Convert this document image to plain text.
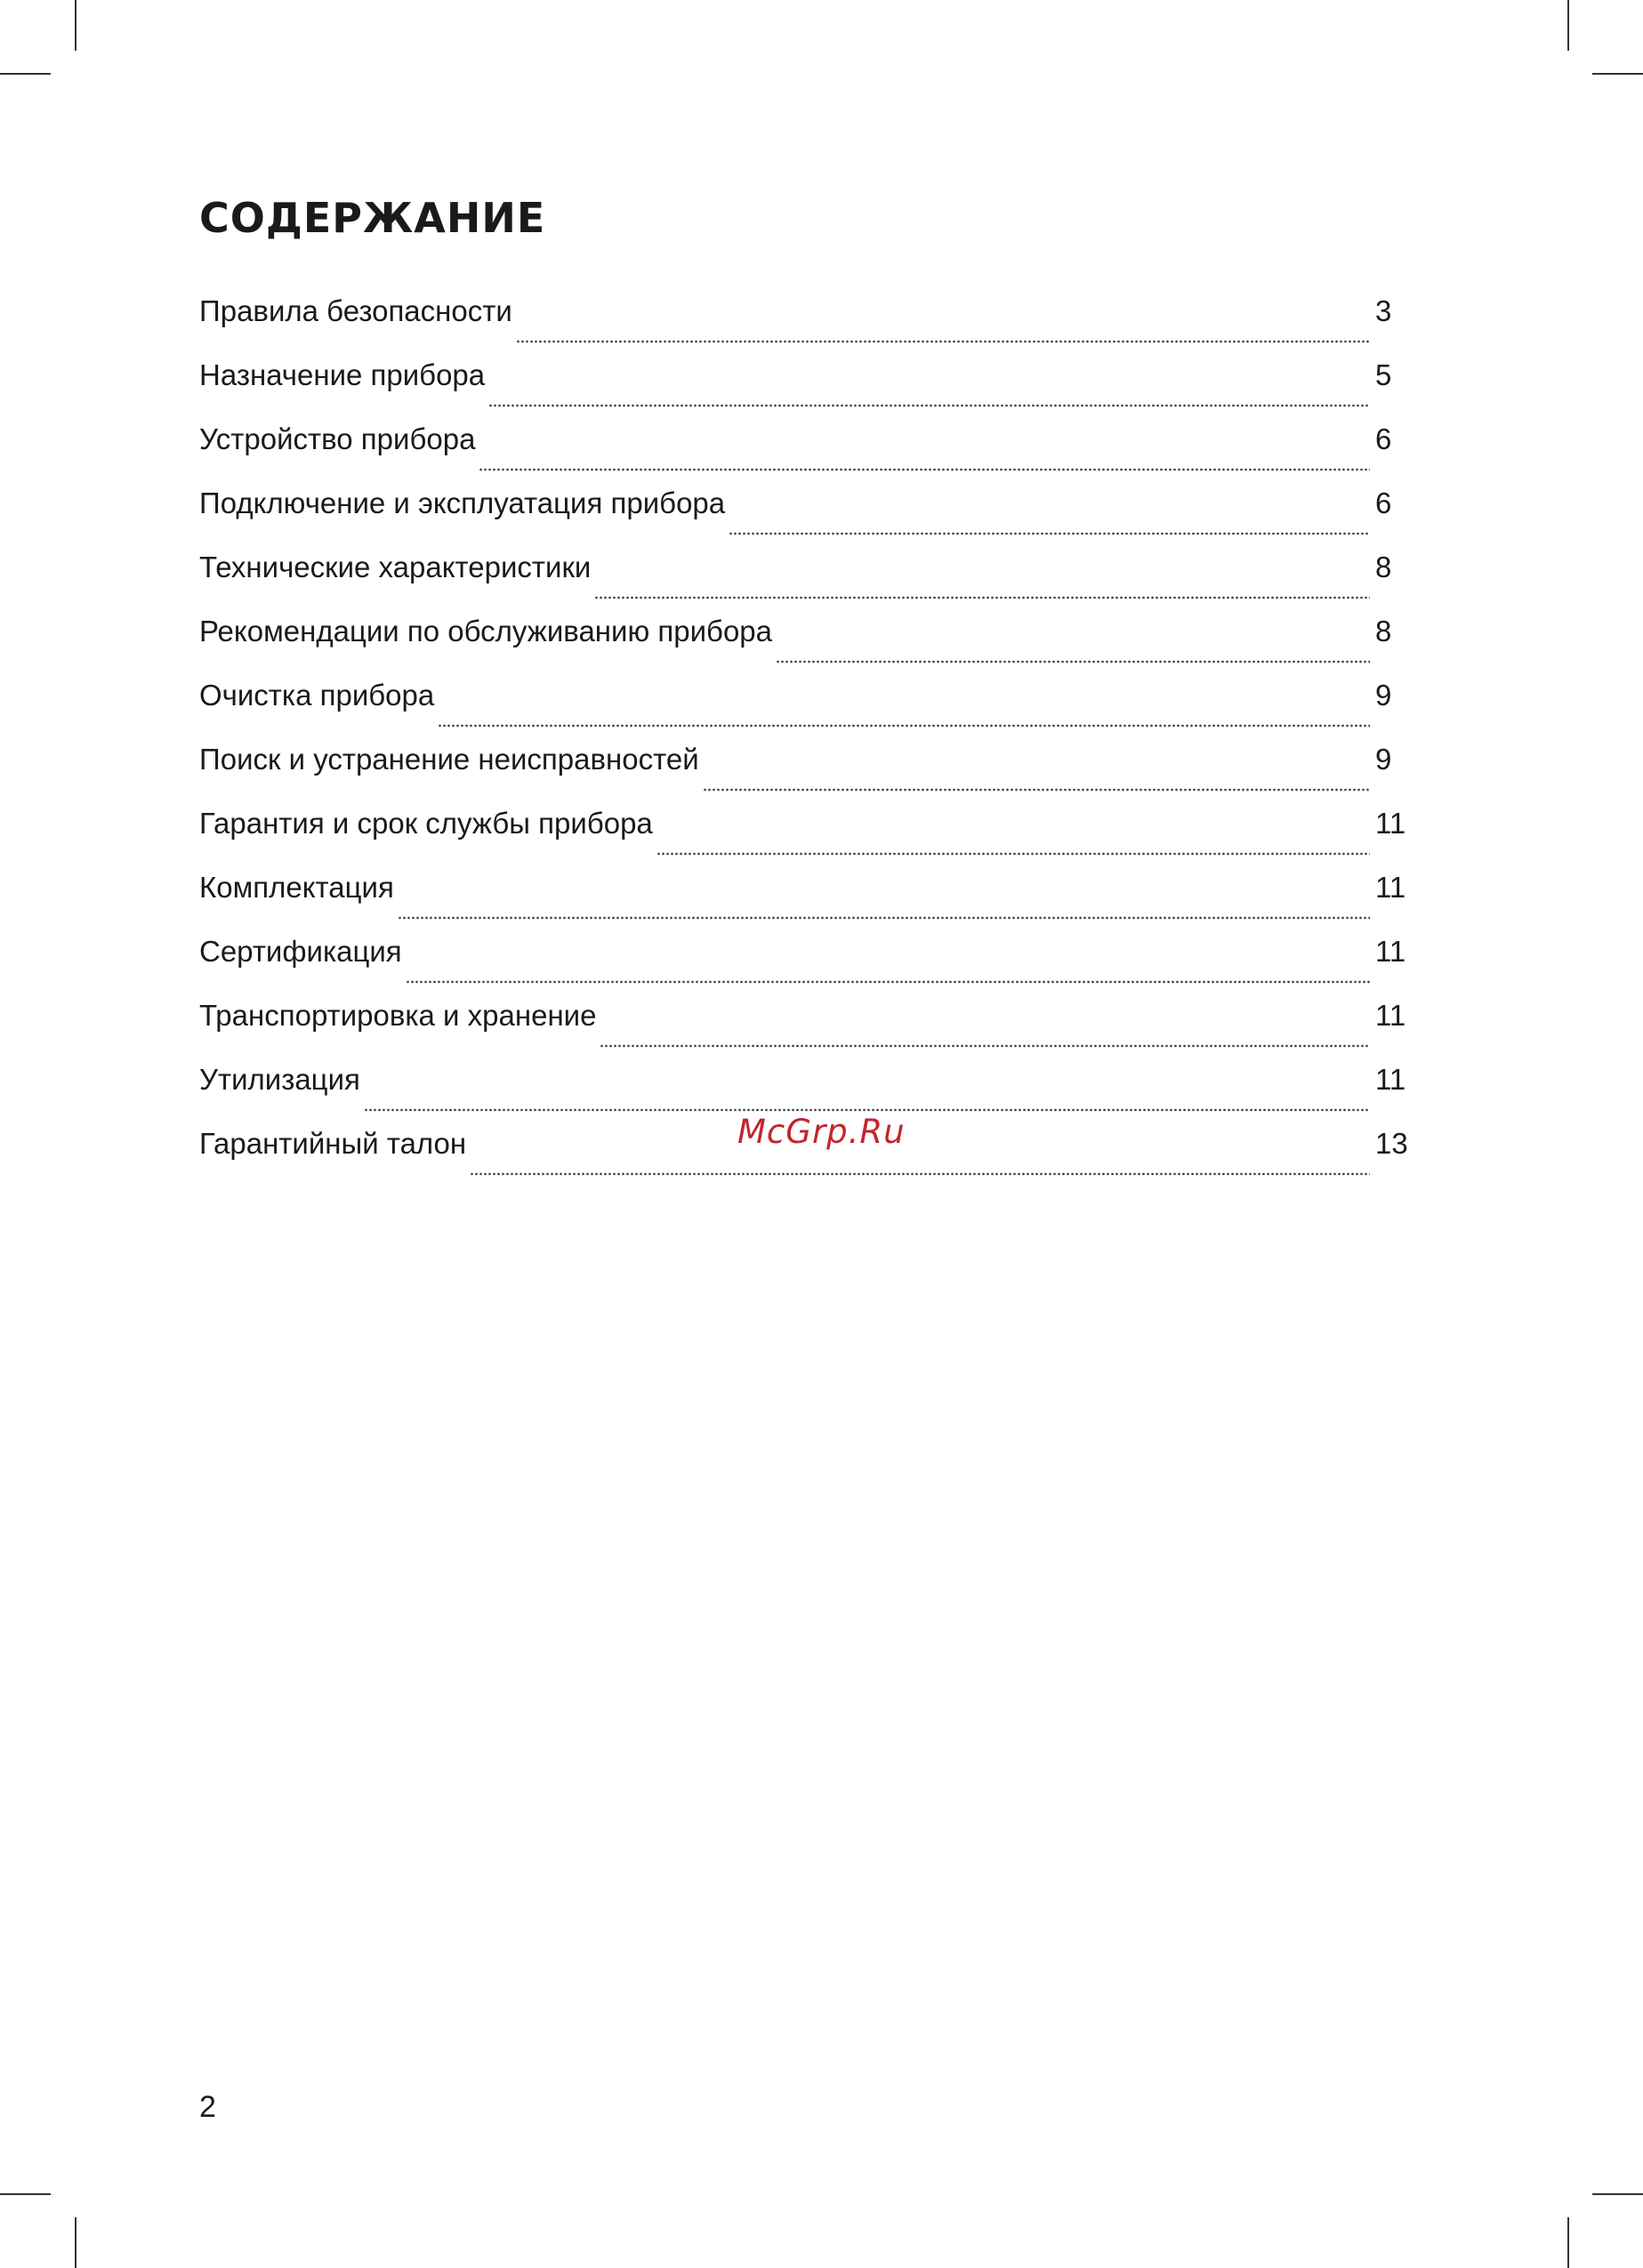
СОДЕРЖАНИЕ
Правила безопасности	3
Назначение прибора	5
Устройство прибора	6
Подключение и эксплуатация прибора	6
Технические характеристики	8
Рекомендации по обслуживанию прибора	8
Очистка прибора	9
Поиск и устранение неисправностей	9
Гарантия и срок службы прибора	11
Комплектация	11
Сертификация	11
Транспортировка и хранение	11
Утилизация	11
Гарантийный талон	13
McGrp.Ru
2
